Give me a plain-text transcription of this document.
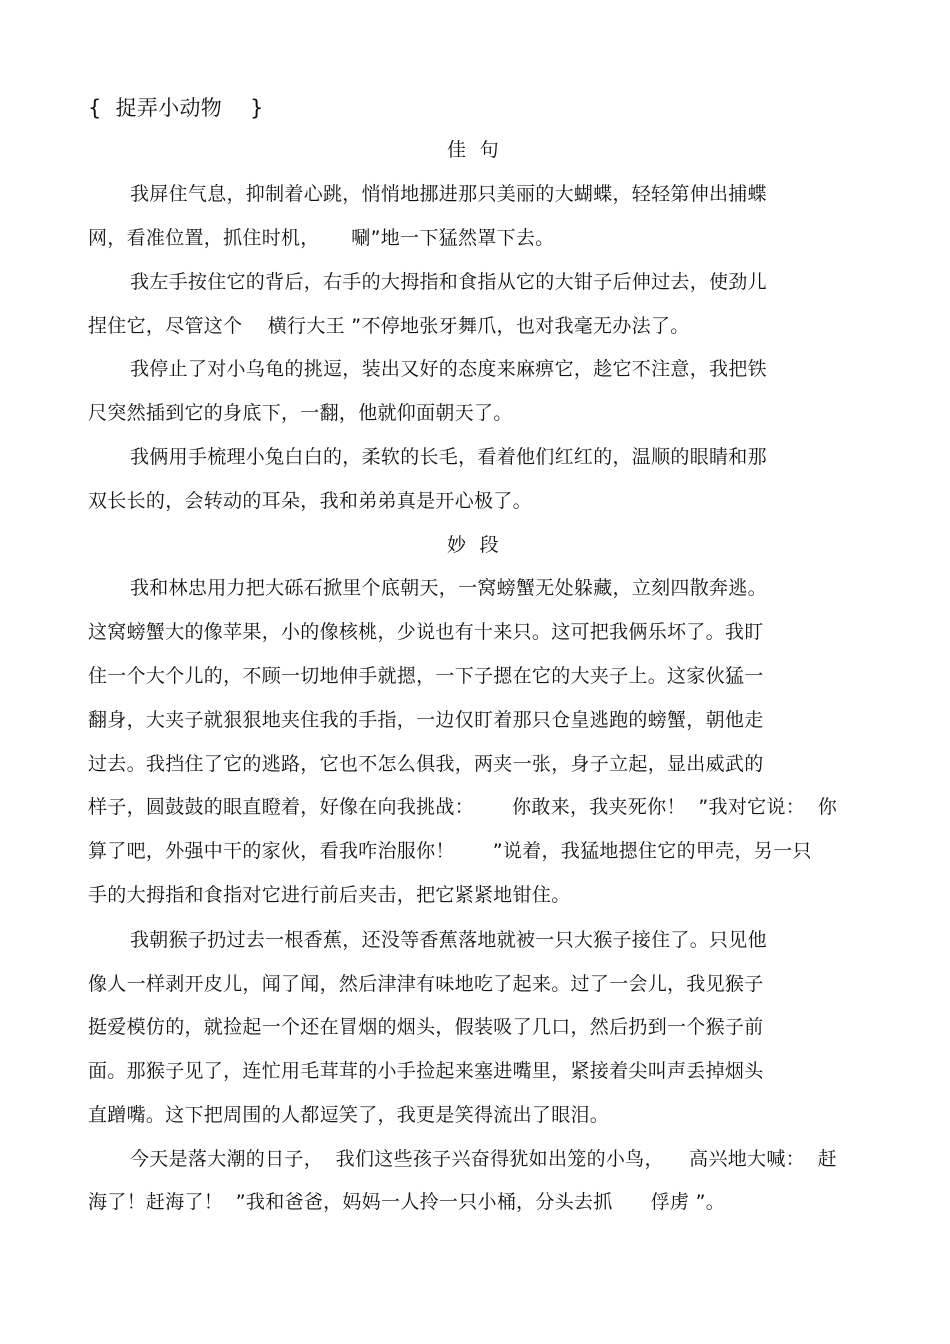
{  捉弄小动物    }
佳  句
我屏住气息，抑制着心跳，悄悄地挪进那只美丽的大蝴蝶，轻轻第伸出捕蝶
网，看准位置，抓住时机，     唰”地一下猛然罩下去。
我左手按住它的背后，右手的大拇指和食指从它的大钳子后伸过去，使劲儿
捏住它，尽管这个    横行大王 ”不停地张牙舞爪，也对我毫无办法了。
我停止了对小乌龟的挑逗，装出又好的态度来麻痹它，趁它不注意，我把铁
尺突然插到它的身底下，一翻，他就仰面朝天了。
我俩用手梳理小兔白白的，柔软的长毛，看着他们红红的，温顺的眼睛和那
双长长的，会转动的耳朵，我和弟弟真是开心极了。
妙  段
我和林忠用力把大砾石掀里个底朝天，一窝螃蟹无处躲藏，立刻四散奔逃。
这窝螃蟹大的像苹果，小的像核桃，少说也有十来只。这可把我俩乐坏了。我盯
住一个大个儿的，不顾一切地伸手就摁，一下子摁在它的大夹子上。这家伙猛一
翻身，大夹子就狠狠地夹住我的手指，一边仅盯着那只仓皇逃跑的螃蟹，朝他走
过去。我挡住了它的逃路，它也不怎么俱我，两夹一张，身子立起，显出威武的
样子，圆鼓鼓的眼直瞪着，好像在向我挑战：      你敢来，我夹死你！  ”我对它说：  你
算了吧，外强中干的家伙，看我咋治服你！      ”说着，我猛地摁住它的甲壳，另一只
手的大拇指和食指对它进行前后夹击，把它紧紧地钳住。
我朝猴子扔过去一根香蕉，还没等香蕉落地就被一只大猴子接住了。只见他
像人一样剥开皮儿，闻了闻，然后津津有味地吃了起来。过了一会儿，我见猴子
挺爱模仿的，就捡起一个还在冒烟的烟头，假装吸了几口，然后扔到一个猴子前
面。那猴子见了，连忙用毛茸茸的小手捡起来塞进嘴里，紧接着尖叫声丢掉烟头
直蹭嘴。这下把周围的人都逗笑了，我更是笑得流出了眼泪。
今天是落大潮的日子，  我们这些孩子兴奋得犹如出笼的小鸟，    高兴地大喊：  赶
海了！赶海了！  ”我和爸爸，妈妈一人拎一只小桶，分头去抓      俘虏 ”。
